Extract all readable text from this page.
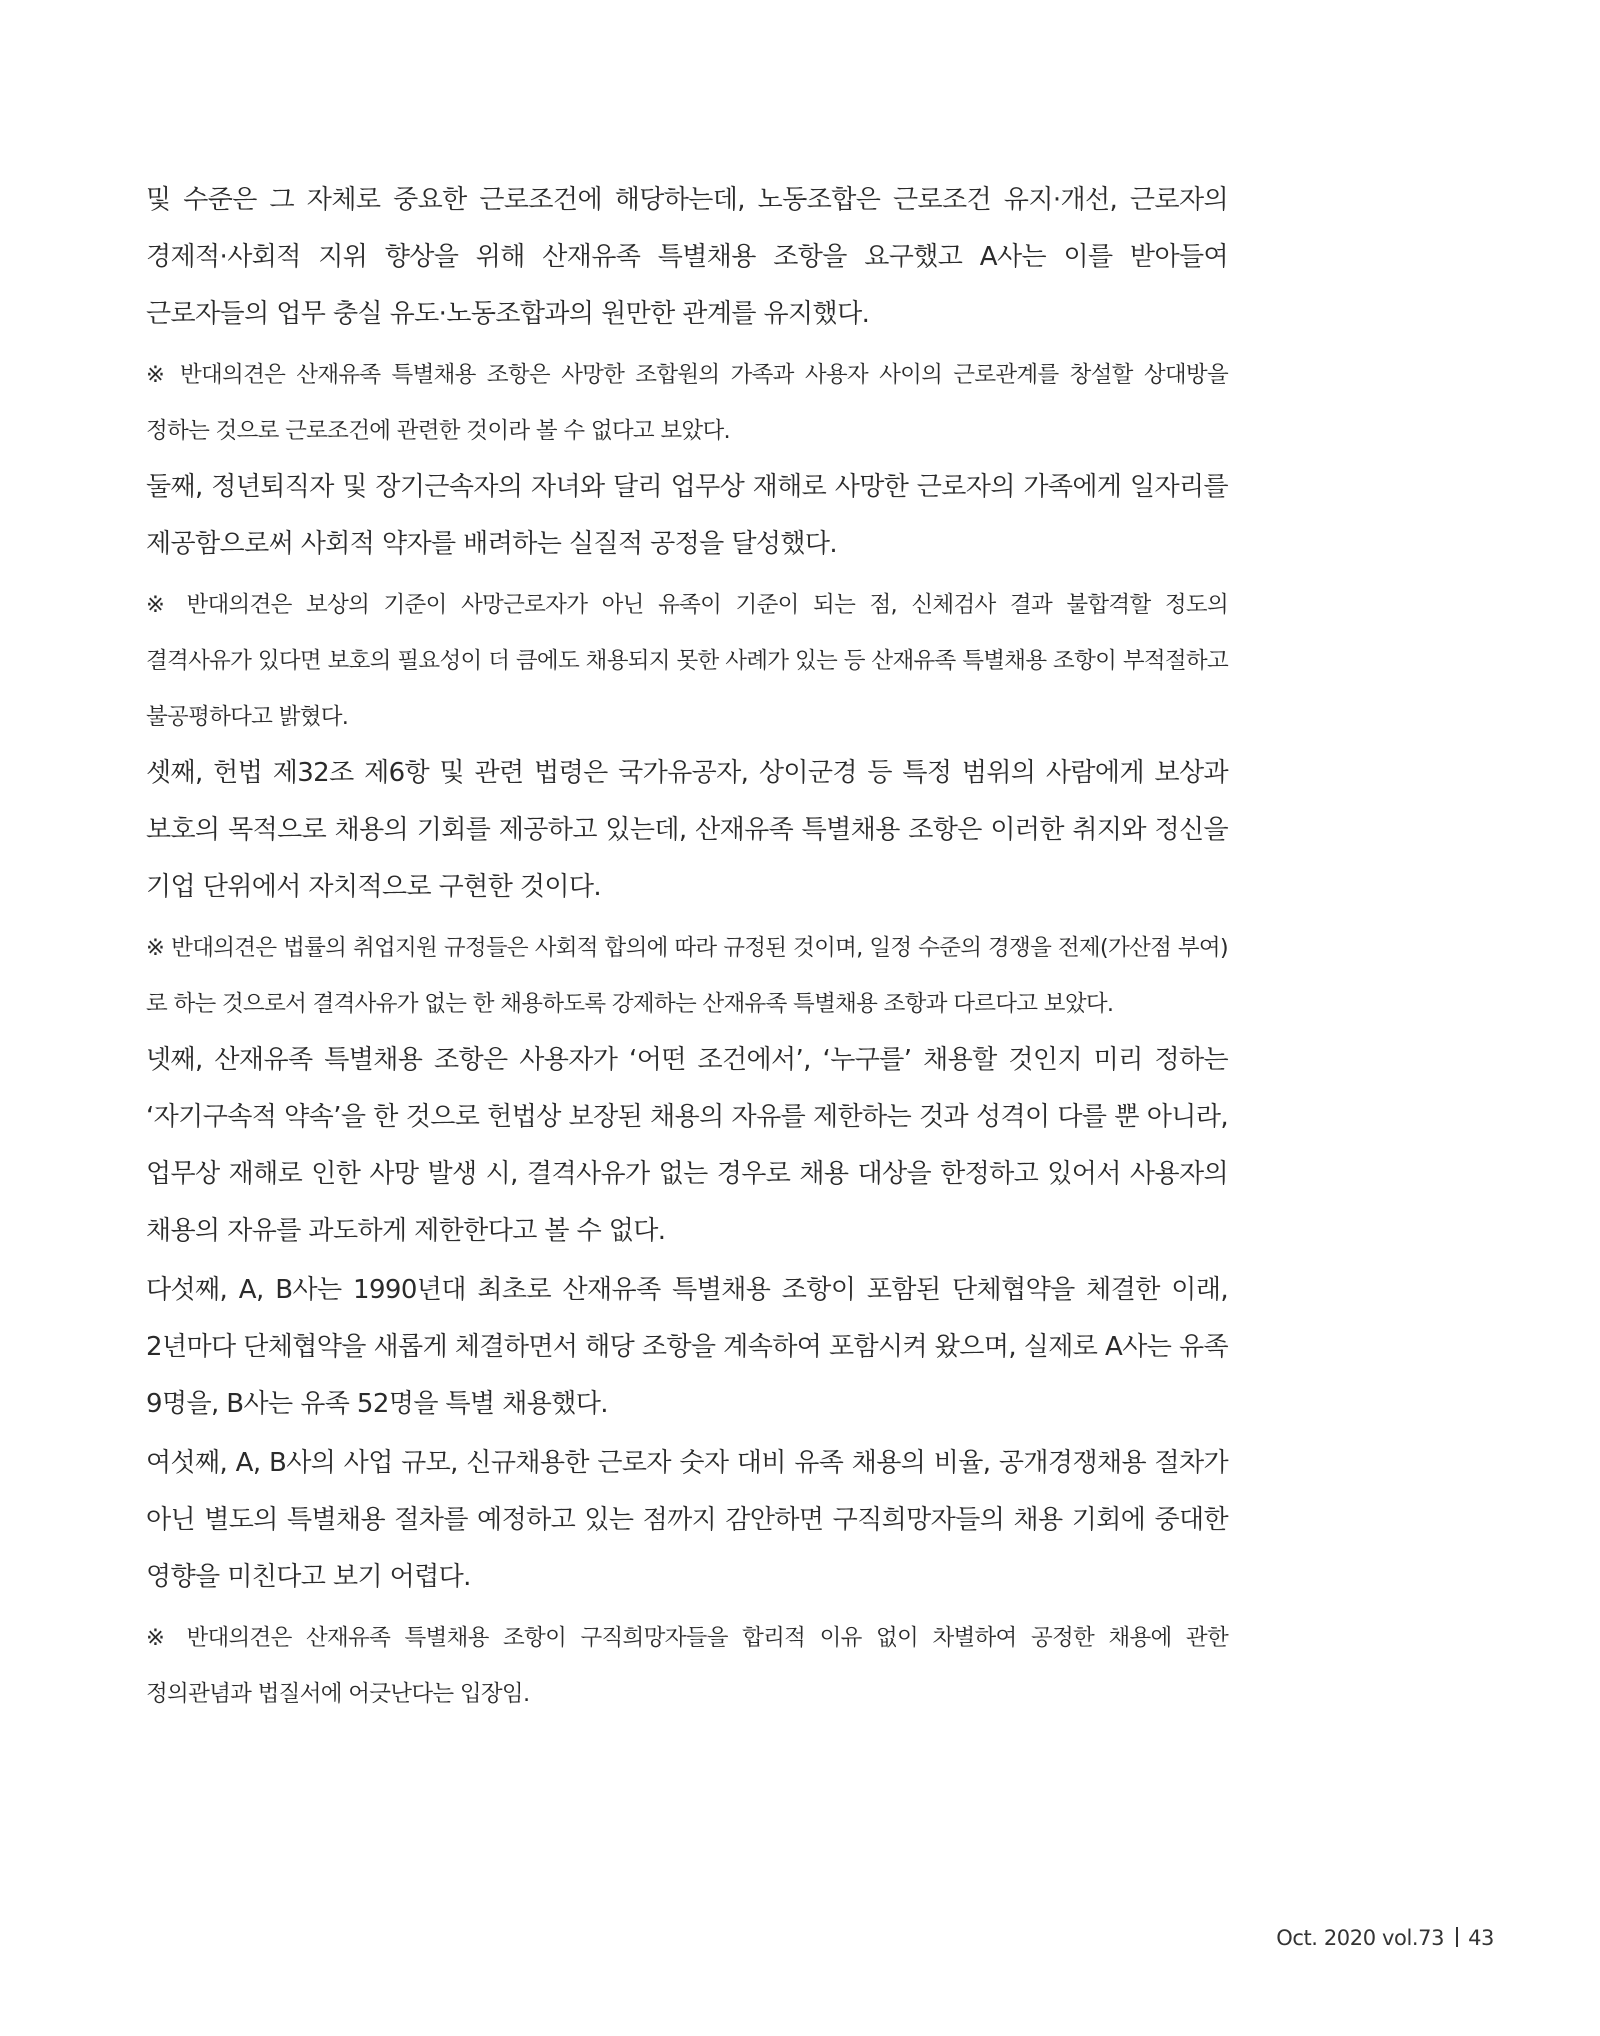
및 수준은 그 자체로 중요한 근로조건에 해당하는데, 노동조합은 근로조건 유지·개선, 근로자의 경제적·사회적 지위 향상을 위해 산재유족 특별채용 조항을 요구했고 A사는 이를 받아들여 근로자들의 업무 충실 유도·노동조합과의 원만한 관계를 유지했다.

※ 반대의견은 산재유족 특별채용 조항은 사망한 조합원의 가족과 사용자 사이의 근로관계를 창설할 상대방을 정하는 것으로 근로조건에 관련한 것이라 볼 수 없다고 보았다.

둘째, 정년퇴직자 및 장기근속자의 자녀와 달리 업무상 재해로 사망한 근로자의 가족에게 일자리를 제공함으로써 사회적 약자를 배려하는 실질적 공정을 달성했다.

※ 반대의견은 보상의 기준이 사망근로자가 아닌 유족이 기준이 되는 점, 신체검사 결과 불합격할 정도의 결격사유가 있다면 보호의 필요성이 더 큼에도 채용되지 못한 사례가 있는 등 산재유족 특별채용 조항이 부적절하고 불공평하다고 밝혔다.

셋째, 헌법 제32조 제6항 및 관련 법령은 국가유공자, 상이군경 등 특정 범위의 사람에게 보상과 보호의 목적으로 채용의 기회를 제공하고 있는데, 산재유족 특별채용 조항은 이러한 취지와 정신을 기업 단위에서 자치적으로 구현한 것이다.

※ 반대의견은 법률의 취업지원 규정들은 사회적 합의에 따라 규정된 것이며, 일정 수준의 경쟁을 전제(가산점 부여)로 하는 것으로서 결격사유가 없는 한 채용하도록 강제하는 산재유족 특별채용 조항과 다르다고 보았다.

넷째, 산재유족 특별채용 조항은 사용자가 ‘어떤 조건에서’, ‘누구를’ 채용할 것인지 미리 정하는 ‘자기구속적 약속’을 한 것으로 헌법상 보장된 채용의 자유를 제한하는 것과 성격이 다를 뿐 아니라, 업무상 재해로 인한 사망 발생 시, 결격사유가 없는 경우로 채용 대상을 한정하고 있어서 사용자의 채용의 자유를 과도하게 제한한다고 볼 수 없다.

다섯째, A, B사는 1990년대 최초로 산재유족 특별채용 조항이 포함된 단체협약을 체결한 이래, 2년마다 단체협약을 새롭게 체결하면서 해당 조항을 계속하여 포함시켜 왔으며, 실제로 A사는 유족 9명을, B사는 유족 52명을 특별 채용했다.

여섯째, A, B사의 사업 규모, 신규채용한 근로자 숫자 대비 유족 채용의 비율, 공개경쟁채용 절차가 아닌 별도의 특별채용 절차를 예정하고 있는 점까지 감안하면 구직희망자들의 채용 기회에 중대한 영향을 미친다고 보기 어렵다.

※ 반대의견은 산재유족 특별채용 조항이 구직희망자들을 합리적 이유 없이 차별하여 공정한 채용에 관한 정의관념과 법질서에 어긋난다는 입장임.

Oct. 2020 vol.73 43
